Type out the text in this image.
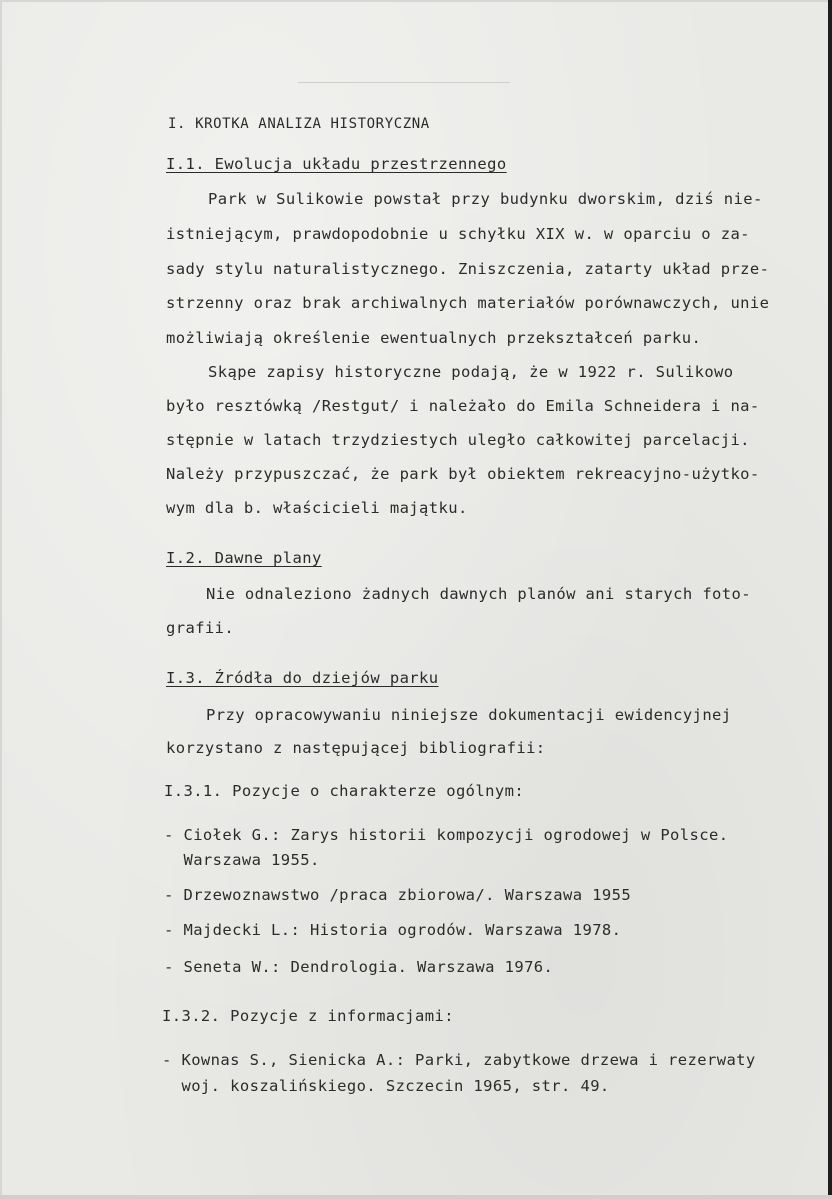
I. KROTKA ANALIZA HISTORYCZNA
I.1. Ewolucja układu przestrzennego
Park w Sulikowie powstał przy budynku dworskim, dziś nie-
istniejącym, prawdopodobnie u schyłku XIX w. w oparciu o za-
sady stylu naturalistycznego. Zniszczenia, zatarty układ prze-
strzenny oraz brak archiwalnych materiałów porównawczych, unie
możliwiają określenie ewentualnych przekształceń parku.
Skąpe zapisy historyczne podają, że w 1922 r. Sulikowo
było resztówką /Restgut/ i należało do Emila Schneidera i na-
stępnie w latach trzydziestych uległo całkowitej parcelacji.
Należy przypuszczać, że park był obiektem rekreacyjno-użytko-
wym dla b. właścicieli majątku.
I.2. Dawne plany
Nie odnaleziono żadnych dawnych planów ani starych foto-
grafii.
I.3. Źródła do dziejów parku
Przy opracowywaniu niniejsze dokumentacji ewidencyjnej
korzystano z następującej bibliografii:
I.3.1. Pozycje o charakterze ogólnym:
- Ciołek G.: Zarys historii kompozycji ogrodowej w Polsce.
Warszawa 1955.
- Drzewoznawstwo /praca zbiorowa/. Warszawa 1955
- Majdecki L.: Historia ogrodów. Warszawa 1978.
- Seneta W.: Dendrologia. Warszawa 1976.
I.3.2. Pozycje z informacjami:
- Kownas S., Sienicka A.: Parki, zabytkowe drzewa i rezerwaty
woj. koszalińskiego. Szczecin 1965, str. 49.
